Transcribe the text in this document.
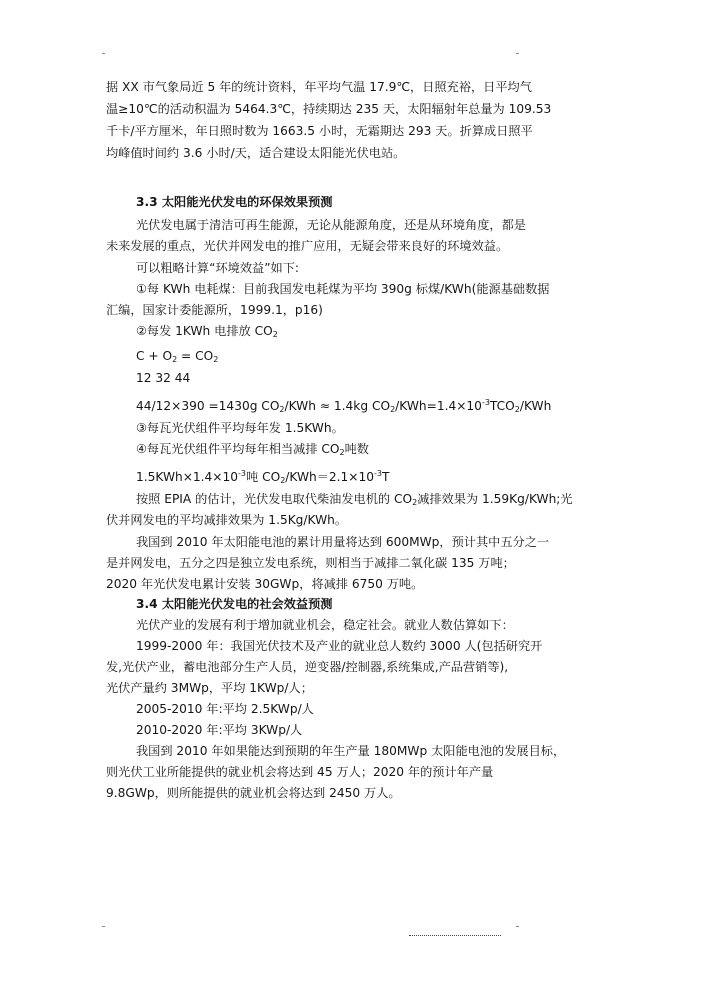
据 XX 市气象局近 5 年的统计资料，年平均气温 17.9℃，日照充裕，日平均气
温≥10℃的活动积温为 5464.3℃，持续期达 235 天，太阳辐射年总量为 109.53
千卡/平方厘米，年日照时数为 1663.5 小时，无霜期达 293 天。折算成日照平
均峰值时间约 3.6 小时/天，适合建设太阳能光伏电站。
3.3 太阳能光伏发电的环保效果预测
光伏发电属于清洁可再生能源，无论从能源角度，还是从环境角度，都是
未来发展的重点，光伏并网发电的推广应用，无疑会带来良好的环境效益。
可以粗略计算“环境效益”如下:
①每 KWh 电耗煤：目前我国发电耗煤为平均 390g 标煤/KWh(能源基础数据
汇编，国家计委能源所，1999.1，p16)
②每发 1KWh 电排放 $CO_2$
$C + O_2 = CO_2$
12 32 44
44/12×390 =1430g $CO_2$/KWh ≈ 1.4kg $CO_2/KWh=1.4\times 10^{-3}TCO_2$/KWh
③每瓦光伏组件平均每年发 1.5KWh。
④每瓦光伏组件平均每年相当减排 $CO_2$吨数
$1.5KWh\times 1.4\times 10^{-3}$吨 $CO_2/KWh=2.1\times 10^{-3}T$
按照 EPIA 的估计，光伏发电取代柴油发电机的 $CO_2$减排效果为 1.59Kg/KWh;光
伏并网发电的平均减排效果为 1.5Kg/KWh。
我国到 2010 年太阳能电池的累计用量将达到 600MWp，预计其中五分之一
是并网发电，五分之四是独立发电系统，则相当于减排二氧化碳 135 万吨；
2020 年光伏发电累计安装 30GWp，将减排 6750 万吨。
3.4 太阳能光伏发电的社会效益预测
光伏产业的发展有利于增加就业机会，稳定社会。就业人数估算如下：
1999-2000 年：我国光伏技术及产业的就业总人数约 3000 人(包括研究开
发,光伏产业，蓄电池部分生产人员，逆变器/控制器,系统集成,产品营销等),
光伏产量约 3MWp，平均 1KWp/人；
2005-2010 年:平均 2.5KWp/人
2010-2020 年:平均 3KWp/人
我国到 2010 年如果能达到预期的年生产量 180MWp 太阳能电池的发展目标，
则光伏工业所能提供的就业机会将达到 45 万人；2020 年的预计年产量
9.8GWp，则所能提供的就业机会将达到 2450 万人。
